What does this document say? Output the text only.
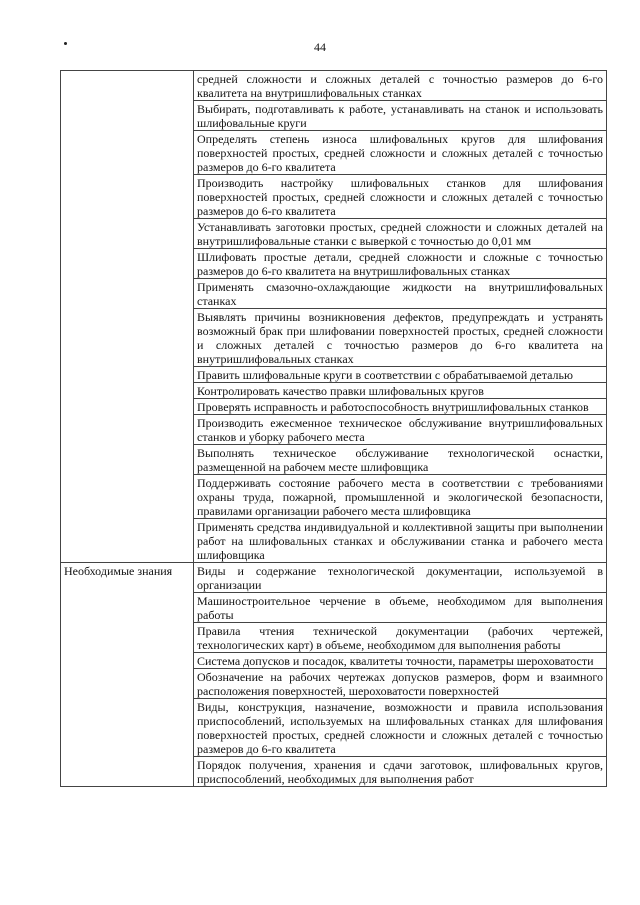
44
	средней сложности и сложных деталей с точностью размеров до 6-го квалитета на внутришлифовальных станках
	Выбирать, подготавливать к работе, устанавливать на станок и использовать шлифовальные круги
	Определять степень износа шлифовальных кругов для шлифования поверхностей простых, средней сложности и сложных деталей с точностью размеров до 6-го квалитета
	Производить настройку шлифовальных станков для шлифования поверхностей простых, средней сложности и сложных деталей с точностью размеров до 6-го квалитета
	Устанавливать заготовки простых, средней сложности и сложных деталей на внутришлифовальные станки с выверкой с точностью до 0,01 мм
	Шлифовать простые детали, средней сложности и сложные с точностью размеров до 6-го квалитета на внутришлифовальных станках
	Применять смазочно-охлаждающие жидкости на внутришлифовальных станках
	Выявлять причины возникновения дефектов, предупреждать и устранять возможный брак при шлифовании поверхностей простых, средней сложности и сложных деталей с точностью размеров до 6-го квалитета на внутришлифовальных станках
	Править шлифовальные круги в соответствии с обрабатываемой деталью
	Контролировать качество правки шлифовальных кругов
	Проверять исправность и работоспособность внутришлифовальных станков
	Производить ежесменное техническое обслуживание внутришлифовальных станков и уборку рабочего места
	Выполнять техническое обслуживание технологической оснастки, размещенной на рабочем месте шлифовщика
	Поддерживать состояние рабочего места в соответствии с требованиями охраны труда, пожарной, промышленной и экологической безопасности, правилами организации рабочего места шлифовщика
	Применять средства индивидуальной и коллективной защиты при выполнении работ на шлифовальных станках и обслуживании станка и рабочего места шлифовщика
Необходимые знания	Виды и содержание технологической документации, используемой в организации
	Машиностроительное черчение в объеме, необходимом для выполнения работы
	Правила чтения технической документации (рабочих чертежей, технологических карт) в объеме, необходимом для выполнения работы
	Система допусков и посадок, квалитеты точности, параметры шероховатости
	Обозначение на рабочих чертежах допусков размеров, форм и взаимного расположения поверхностей, шероховатости поверхностей
	Виды, конструкция, назначение, возможности и правила использования приспособлений, используемых на шлифовальных станках для шлифования поверхностей простых, средней сложности и сложных деталей с точностью размеров до 6-го квалитета
	Порядок получения, хранения и сдачи заготовок, шлифовальных кругов, приспособлений, необходимых для выполнения работ
